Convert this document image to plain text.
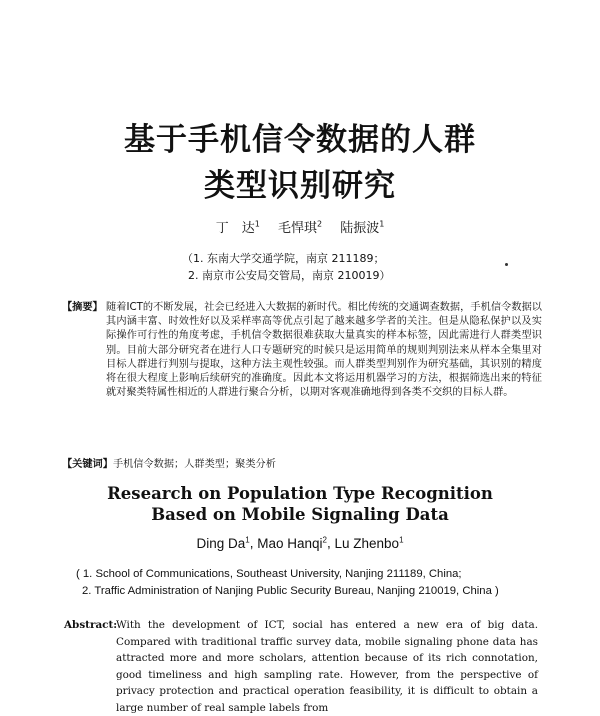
基于手机信令数据的人群
类型识别研究
丁　达$^1$ 毛悍琪$^2$ 陆振波$^1$
（1. 东南大学交通学院，南京 211189；
2. 南京市公安局交管局，南京 210019）
【摘要】 随着ICT的不断发展，社会已经进入大数据的新时代。相比传统的交通调查数据，手机信令数据以其内涵丰富、时效性好以及采样率高等优点引起了越来越多学者的关注。但是从隐私保护以及实际操作可行性的角度考虑，手机信令数据很难获取大量真实的样本标签，因此需进行人群类型识别。目前大部分研究者在进行人口专题研究的时候只是运用简单的规则判别法来从样本全集里对目标人群进行判别与提取，这种方法主观性较强。而人群类型判别作为研究基础，其识别的精度将在很大程度上影响后续研究的准确度。因此本文将运用机器学习的方法，根据筛选出来的特征就对聚类特属性相近的人群进行聚合分析，以期对客观准确地得到各类不交织的目标人群。
【关键词】手机信令数据；人群类型；聚类分析
Research on Population Type Recognition
Based on Mobile Signaling Data
Ding Da$^1$, Mao Hanqi$^2$, Lu Zhenbo$^1$
( 1. School of Communications, Southeast University, Nanjing 211189, China;
2. Traffic Administration of Nanjing Public Security Bureau, Nanjing 210019, China )
Abstract:
With the development of ICT, social has entered a new era of big data. Compared with traditional traffic survey data, mobile signaling phone data has attracted more and more scholars, attention because of its rich connotation, good timeliness and high sampling rate. However, from the perspective of privacy protection and practical operation feasibility, it is difficult to obtain a large number of real sample labels from
